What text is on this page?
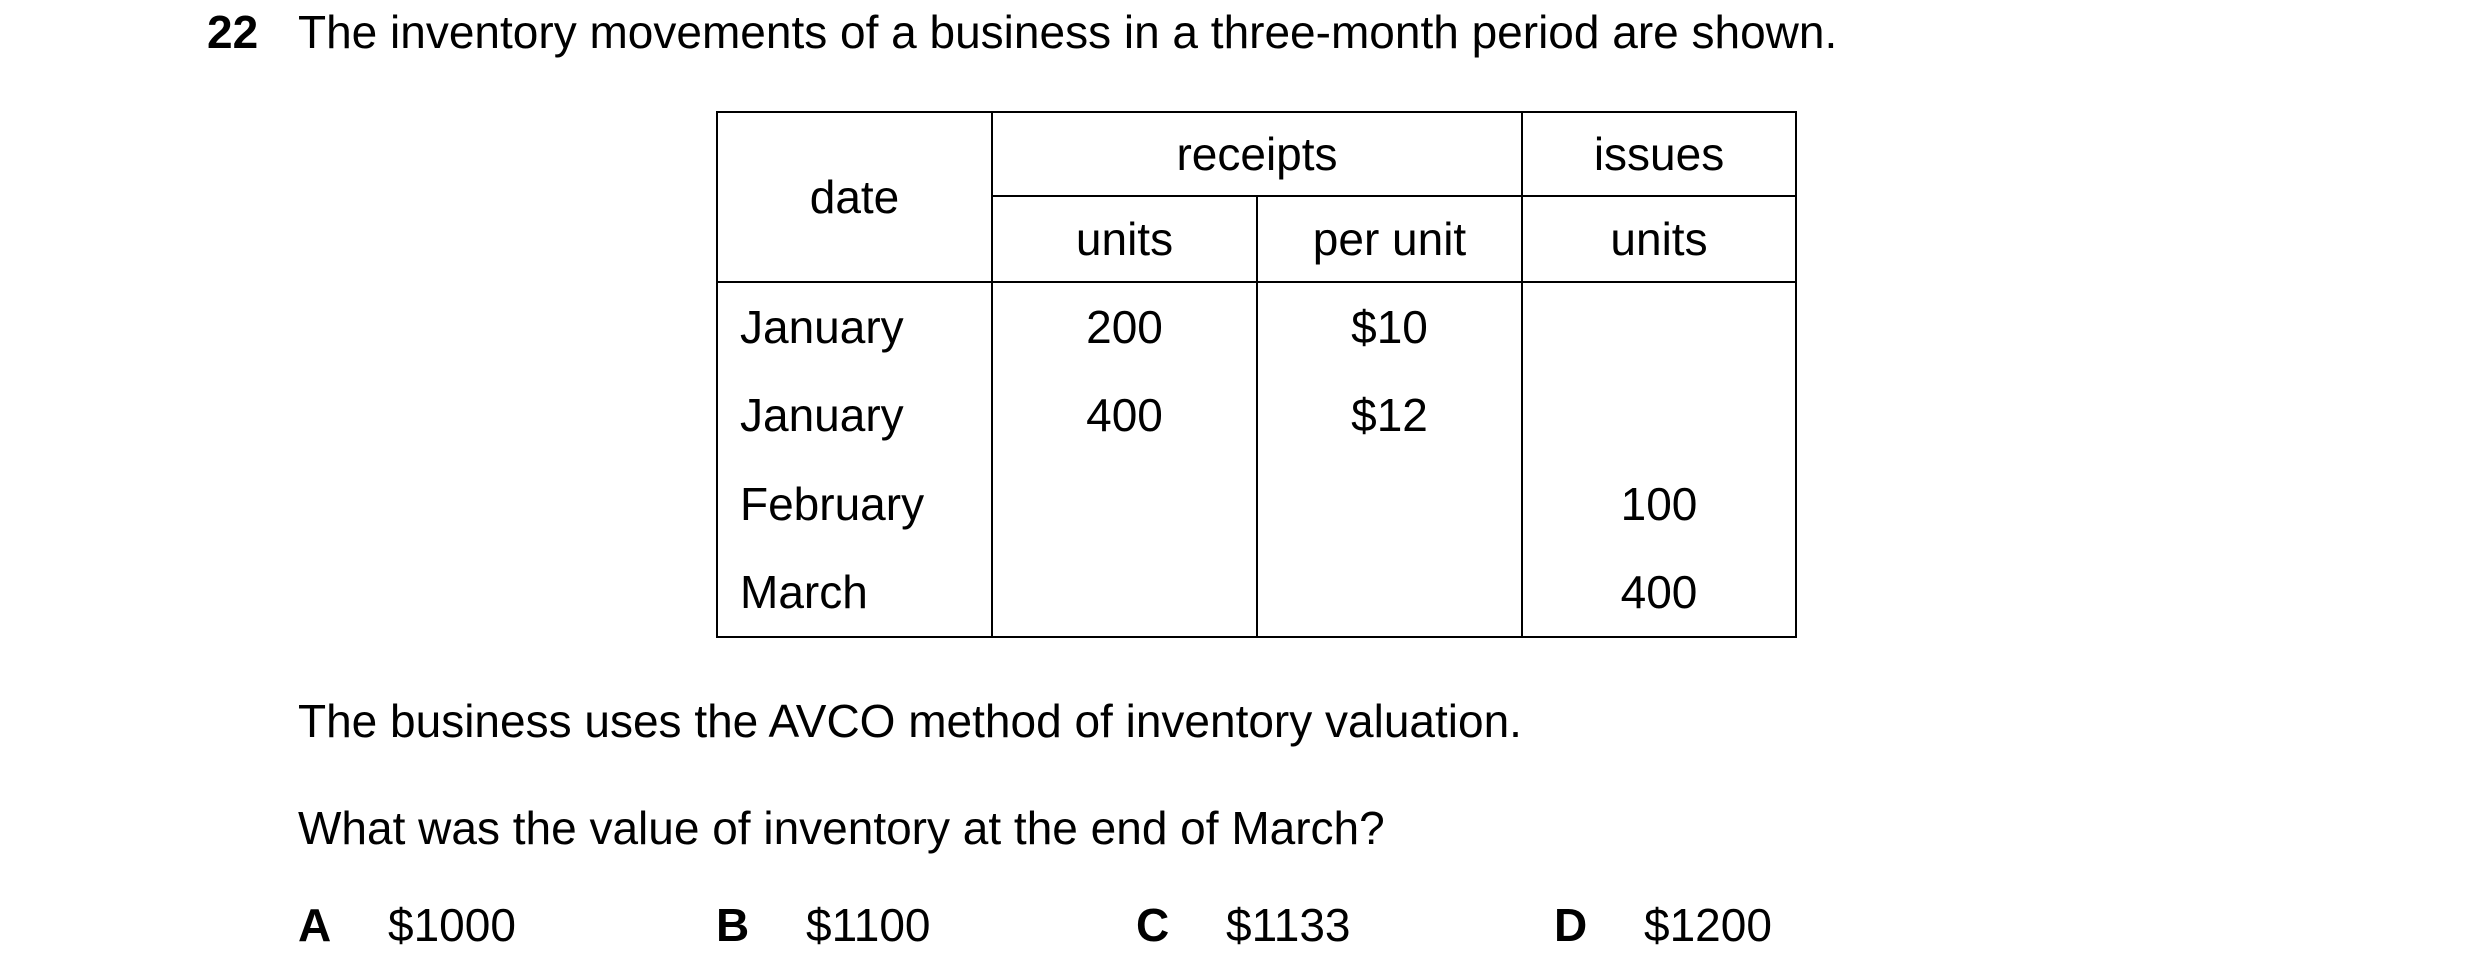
22 The inventory movements of a business in a three-month period are shown.
date	receipts		issues
	units	per unit	units
January	200	$10	
January	400	$12	
February			100
March			400
The business uses the AVCO method of inventory valuation.
What was the value of inventory at the end of March?
A $1000	B $1100	C $1133	D $1200
